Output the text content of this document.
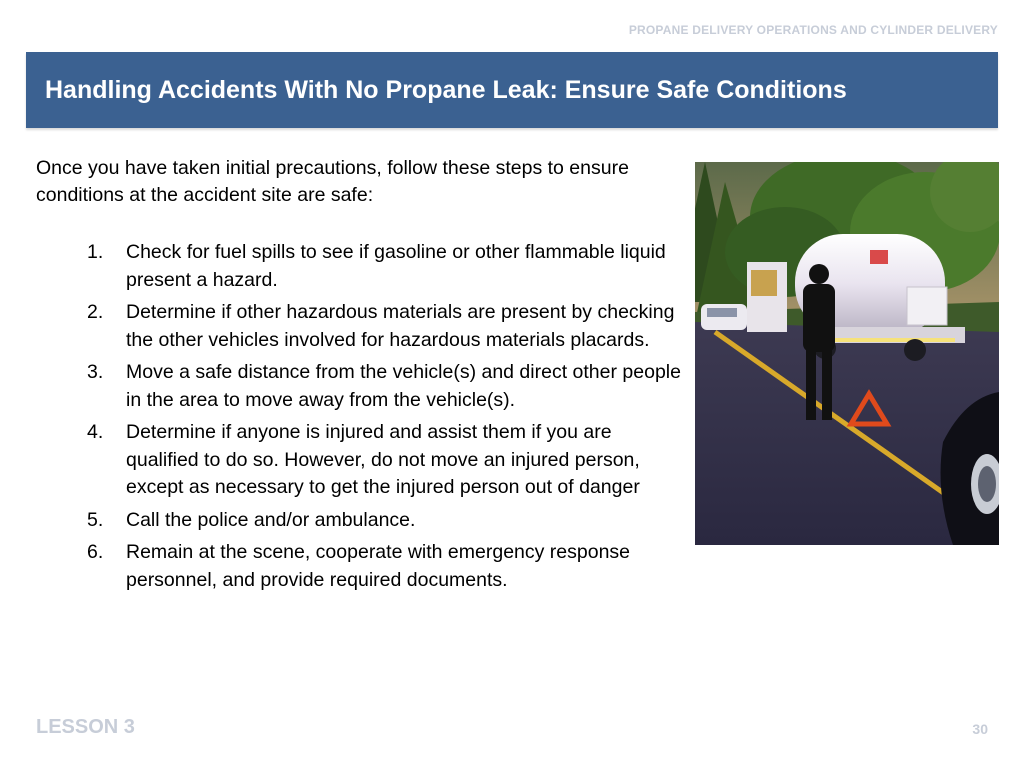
PROPANE DELIVERY OPERATIONS AND CYLINDER DELIVERY
Handling Accidents With No Propane Leak: Ensure Safe Conditions
Once you have taken initial precautions, follow these steps to ensure conditions at the accident site are safe:
1. Check for fuel spills to see if gasoline or other flammable liquid present a hazard.
2. Determine if other hazardous materials are present by checking the other vehicles involved for hazardous materials placards.
3. Move a safe distance from the vehicle(s) and direct other people in the area to move away from the vehicle(s).
4. Determine if anyone is injured and assist them if you are qualified to do so. However, do not move an injured person, except as necessary to get the injured person out of danger
5. Call the police and/or ambulance.
6. Remain at the scene, cooperate with emergency response personnel, and provide required documents.
LESSON 3	30
